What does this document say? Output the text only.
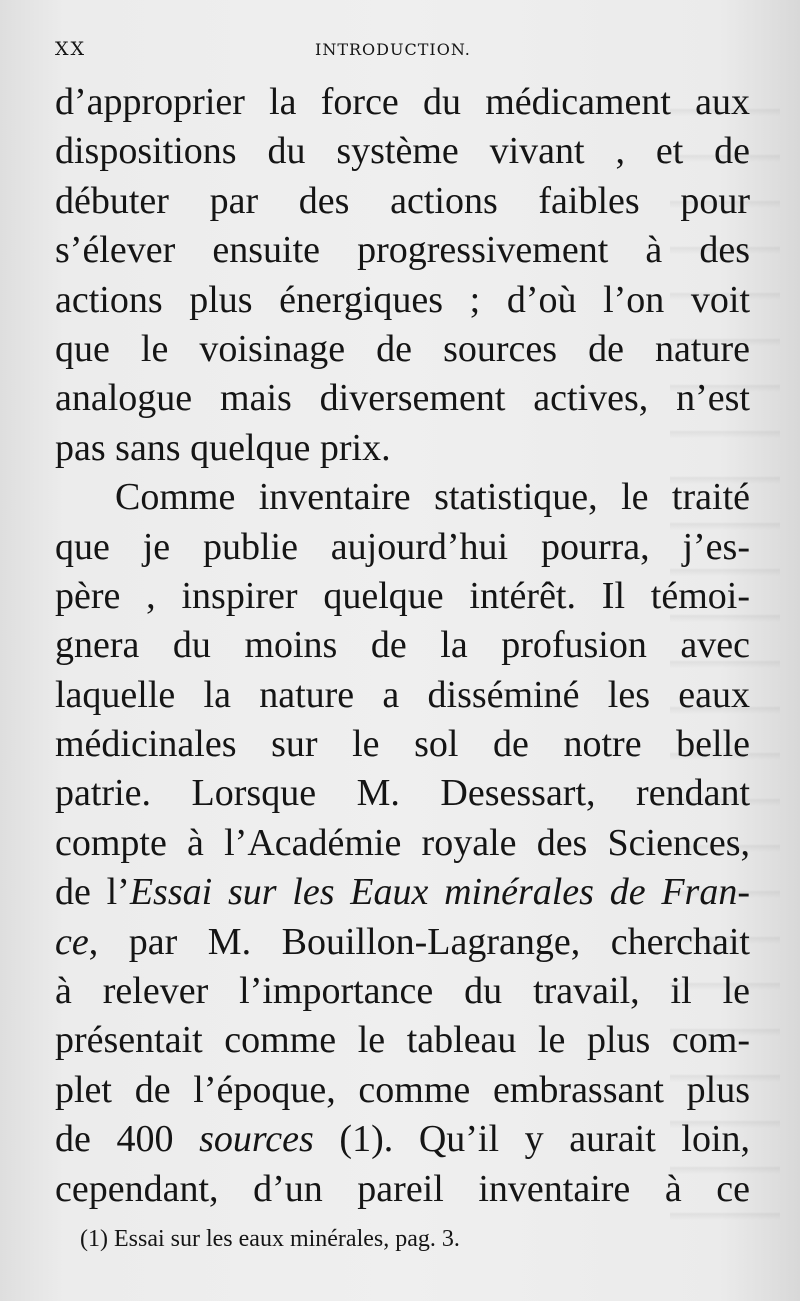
XX	INTRODUCTION.
d’approprier la force du médicament aux
dispositions du système vivant , et de
débuter par des actions faibles pour
s’élever ensuite progressivement à des
actions plus énergiques ; d’où l’on voit
que le voisinage de sources de nature
analogue mais diversement actives, n’est
pas sans quelque prix.
Comme inventaire statistique, le traité
que je publie aujourd’hui pourra, j’es-
père , inspirer quelque intérêt. Il témoi-
gnera du moins de la profusion avec
laquelle la nature a disséminé les eaux
médicinales sur le sol de notre belle
patrie. Lorsque M. Desessart, rendant
compte à l’Académie royale des Sciences,
de l’Essai sur les Eaux minérales de Fran-
ce, par M. Bouillon-Lagrange, cherchait
à relever l’importance du travail, il le
présentait comme le tableau le plus com-
plet de l’époque, comme embrassant plus
de 400 sources (1). Qu’il y aurait loin,
cependant, d’un pareil inventaire à ce
(1) Essai sur les eaux minérales, pag. 3.
